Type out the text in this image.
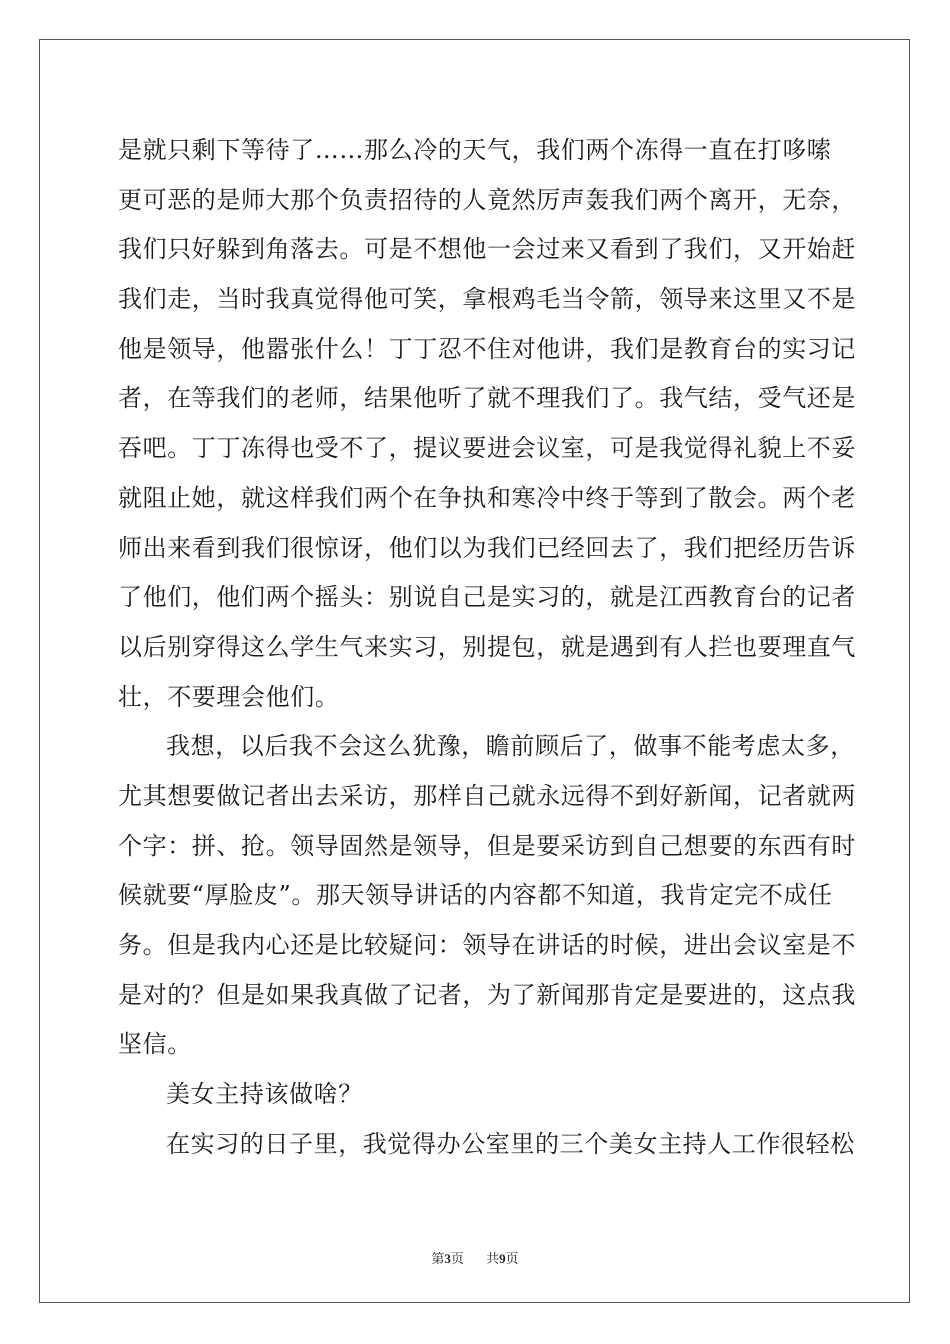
是就只剩下等待了……那么冷的天气，我们两个冻得一直在打哆嗦
更可恶的是师大那个负责招待的人竟然厉声轰我们两个离开，无奈，
我们只好躲到角落去。可是不想他一会过来又看到了我们，又开始赶
我们走，当时我真觉得他可笑，拿根鸡毛当令箭，领导来这里又不是
他是领导，他嚣张什么！丁丁忍不住对他讲，我们是教育台的实习记
者，在等我们的老师，结果他听了就不理我们了。我气结，受气还是
吞吧。丁丁冻得也受不了，提议要进会议室，可是我觉得礼貌上不妥
就阻止她，就这样我们两个在争执和寒冷中终于等到了散会。两个老
师出来看到我们很惊讶，他们以为我们已经回去了，我们把经历告诉
了他们，他们两个摇头：别说自己是实习的，就是江西教育台的记者
以后别穿得这么学生气来实习，别提包，就是遇到有人拦也要理直气
壮，不要理会他们。
我想，以后我不会这么犹豫，瞻前顾后了，做事不能考虑太多，
尤其想要做记者出去采访，那样自己就永远得不到好新闻，记者就两
个字：拼、抢。领导固然是领导，但是要采访到自己想要的东西有时
候就要“厚脸皮”。那天领导讲话的内容都不知道，我肯定完不成任
务。但是我内心还是比较疑问：领导在讲话的时候，进出会议室是不
是对的？但是如果我真做了记者，为了新闻那肯定是要进的，这点我
坚信。
美女主持该做啥？
在实习的日子里，我觉得办公室里的三个美女主持人工作很轻松
第3页 共9页
